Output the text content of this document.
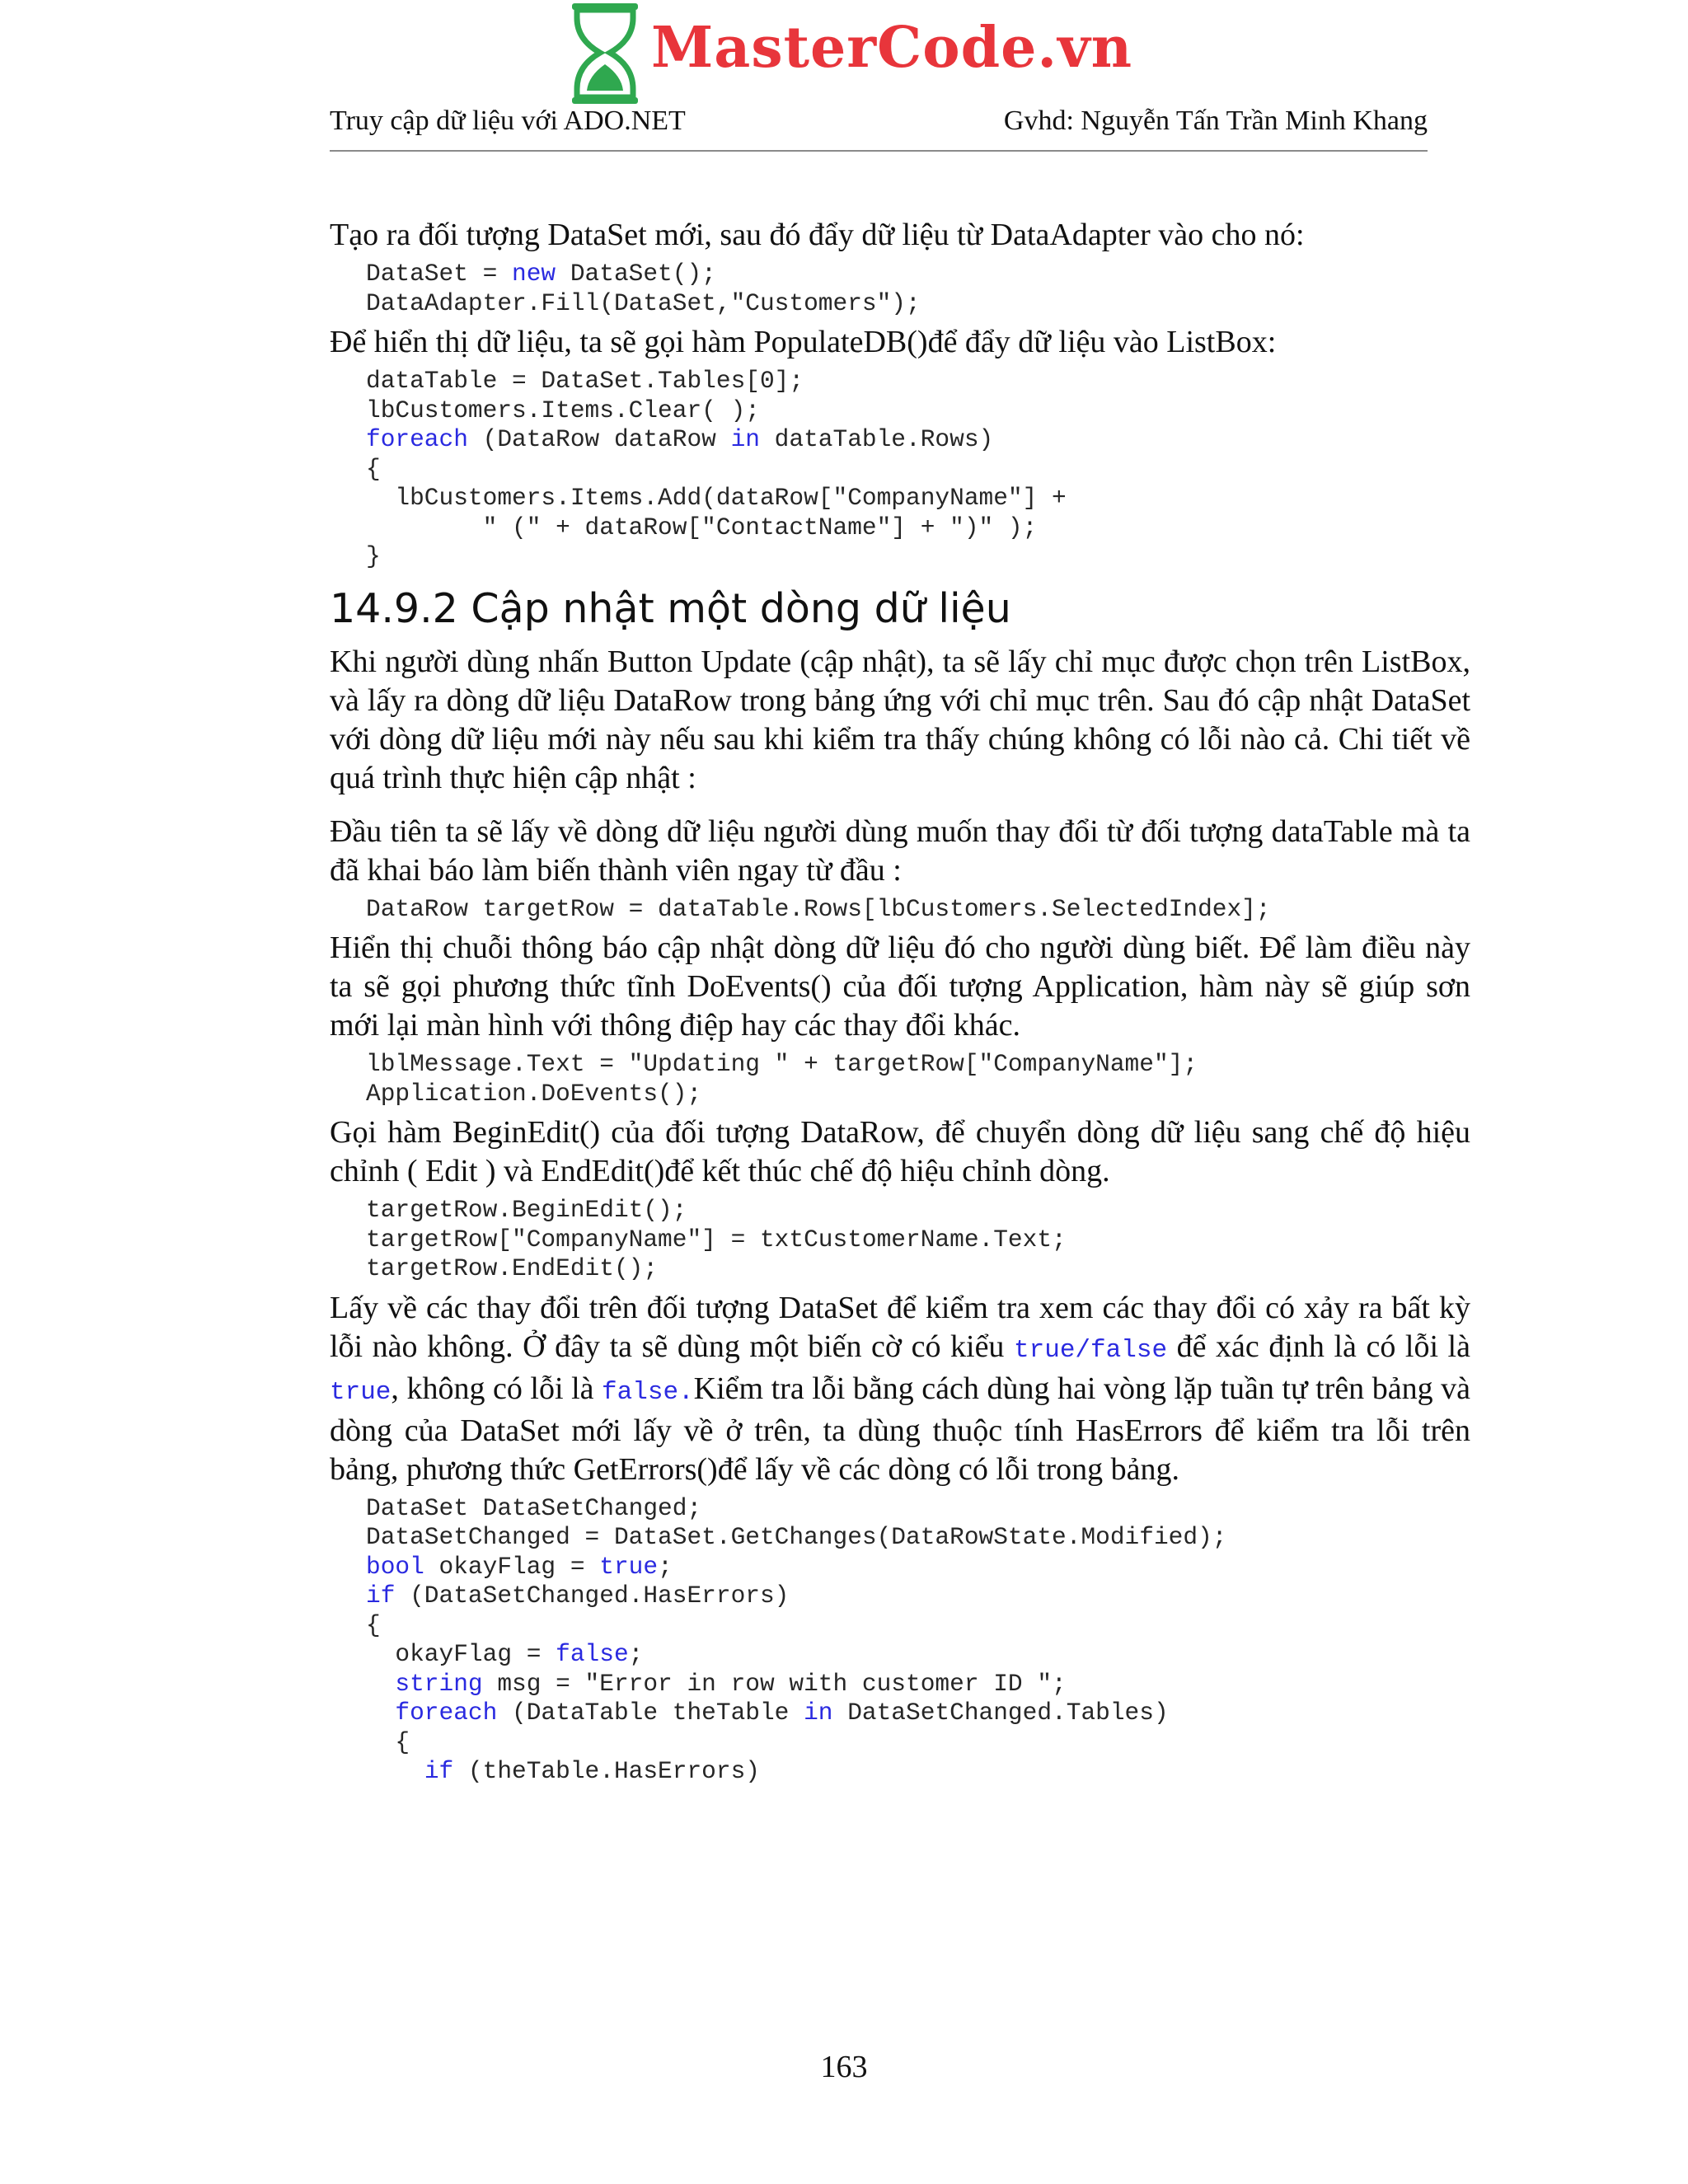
MasterCode.vn
Truy cập dữ liệu với ADO.NET	Gvhd: Nguyễn Tấn Trần Minh Khang

Tạo ra đối tượng DataSet mới, sau đó đẩy dữ liệu từ DataAdapter vào cho nó:

DataSet = new DataSet();
DataAdapter.Fill(DataSet,"Customers");

Để hiển thị dữ liệu, ta sẽ gọi hàm PopulateDB()để đẩy dữ liệu vào ListBox:

dataTable = DataSet.Tables[0];
lbCustomers.Items.Clear( );
foreach (DataRow dataRow in dataTable.Rows)
{
lbCustomers.Items.Add(dataRow["CompanyName"] +
" (" + dataRow["ContactName"] + ")" );
}
14.9.2 Cập nhật một dòng dữ liệu

Khi người dùng nhấn Button Update (cập nhật), ta sẽ lấy chỉ mục được chọn trên ListBox, và lấy ra dòng dữ liệu DataRow trong bảng ứng với chỉ mục trên. Sau đó cập nhật DataSet với dòng dữ liệu mới này nếu sau khi kiểm tra thấy chúng không có lỗi nào cả. Chi tiết về quá trình thực hiện cập nhật :

Đầu tiên ta sẽ lấy về dòng dữ liệu người dùng muốn thay đổi từ đối tượng dataTable mà ta đã khai báo làm biến thành viên ngay từ đầu :

DataRow targetRow = dataTable.Rows[lbCustomers.SelectedIndex];

Hiển thị chuỗi thông báo cập nhật dòng dữ liệu đó cho người dùng biết. Để làm điều này ta sẽ gọi phương thức tĩnh DoEvents() của đối tượng Application, hàm này sẽ giúp sơn mới lại màn hình với thông điệp hay các thay đổi khác.

lblMessage.Text = "Updating " + targetRow["CompanyName"];
Application.DoEvents();

Gọi hàm BeginEdit() của đối tượng DataRow, để chuyển dòng dữ liệu sang chế độ hiệu chỉnh ( Edit ) và EndEdit()để kết thúc chế độ hiệu chỉnh dòng.

targetRow.BeginEdit();
targetRow["CompanyName"] = txtCustomerName.Text;
targetRow.EndEdit();

Lấy về các thay đổi trên đối tượng DataSet để kiểm tra xem các thay đổi có xảy ra bất kỳ lỗi nào không. Ở đây ta sẽ dùng một biến cờ có kiểu true/false để xác định là có lỗi là true, không có lỗi là false.Kiểm tra lỗi bằng cách dùng hai vòng lặp tuần tự trên bảng và dòng của DataSet mới lấy về ở trên, ta dùng thuộc tính HasErrors để kiểm tra lỗi trên bảng, phương thức GetErrors()để lấy về các dòng có lỗi trong bảng.

DataSet DataSetChanged;
DataSetChanged = DataSet.GetChanges(DataRowState.Modified);
bool okayFlag = true;
if (DataSetChanged.HasErrors)
{
okayFlag = false;
string msg = "Error in row with customer ID ";
foreach (DataTable theTable in DataSetChanged.Tables)
{
if (theTable.HasErrors)
163
